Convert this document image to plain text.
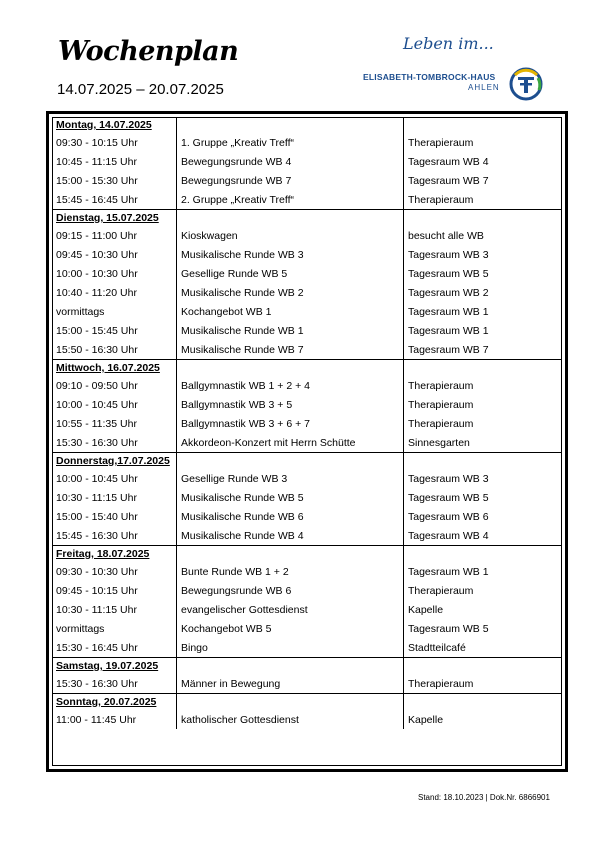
Wochenplan
14.07.2025 – 20.07.2025
Leben im...
ELISABETH-TOMBROCK-HAUS
AHLEN
Montag, 14.07.2025		
09:30 - 10:15 Uhr	1. Gruppe „Kreativ Treff“	Therapieraum
10:45 - 11:15 Uhr	Bewegungsrunde WB 4	Tagesraum WB 4
15:00 - 15:30 Uhr	Bewegungsrunde WB 7	Tagesraum WB 7
15:45 - 16:45 Uhr	2. Gruppe „Kreativ Treff“	Therapieraum
Dienstag, 15.07.2025		
09:15 - 11:00 Uhr	Kioskwagen	besucht alle WB
09:45 - 10:30 Uhr	Musikalische Runde WB 3	Tagesraum WB 3
10:00 - 10:30 Uhr	Gesellige Runde WB 5	Tagesraum WB 5
10:40 - 11:20 Uhr	Musikalische Runde WB 2	Tagesraum WB 2
vormittags	Kochangebot WB 1	Tagesraum WB 1
15:00 - 15:45 Uhr	Musikalische Runde WB 1	Tagesraum WB 1
15:50 - 16:30 Uhr	Musikalische Runde WB 7	Tagesraum WB 7
Mittwoch, 16.07.2025		
09:10 - 09:50 Uhr	Ballgymnastik WB 1 + 2 + 4	Therapieraum
10:00 - 10:45 Uhr	Ballgymnastik WB 3 + 5	Therapieraum
10:55 - 11:35 Uhr	Ballgymnastik WB 3 + 6 + 7	Therapieraum
15:30 - 16:30 Uhr	Akkordeon-Konzert mit Herrn Schütte	Sinnesgarten
Donnerstag,17.07.2025		
10:00 - 10:45 Uhr	Gesellige Runde WB 3	Tagesraum WB 3
10:30 - 11:15 Uhr	Musikalische Runde WB 5	Tagesraum WB 5
15:00 - 15:40 Uhr	Musikalische Runde WB 6	Tagesraum WB 6
15:45 - 16:30 Uhr	Musikalische Runde WB 4	Tagesraum WB 4
Freitag, 18.07.2025		
09:30 - 10:30 Uhr	Bunte Runde WB 1 + 2	Tagesraum WB 1
09:45 - 10:15 Uhr	Bewegungsrunde WB 6	Therapieraum
10:30 - 11:15 Uhr	evangelischer Gottesdienst	Kapelle
vormittags	Kochangebot WB 5	Tagesraum WB 5
15:30 - 16:45 Uhr	Bingo	Stadtteilcafé
Samstag, 19.07.2025		
15:30 - 16:30 Uhr	Männer in Bewegung	Therapieraum
Sonntag, 20.07.2025		
11:00 - 11:45 Uhr	katholischer Gottesdienst	Kapelle
Stand: 18.10.2023 | Dok.Nr. 6866901
